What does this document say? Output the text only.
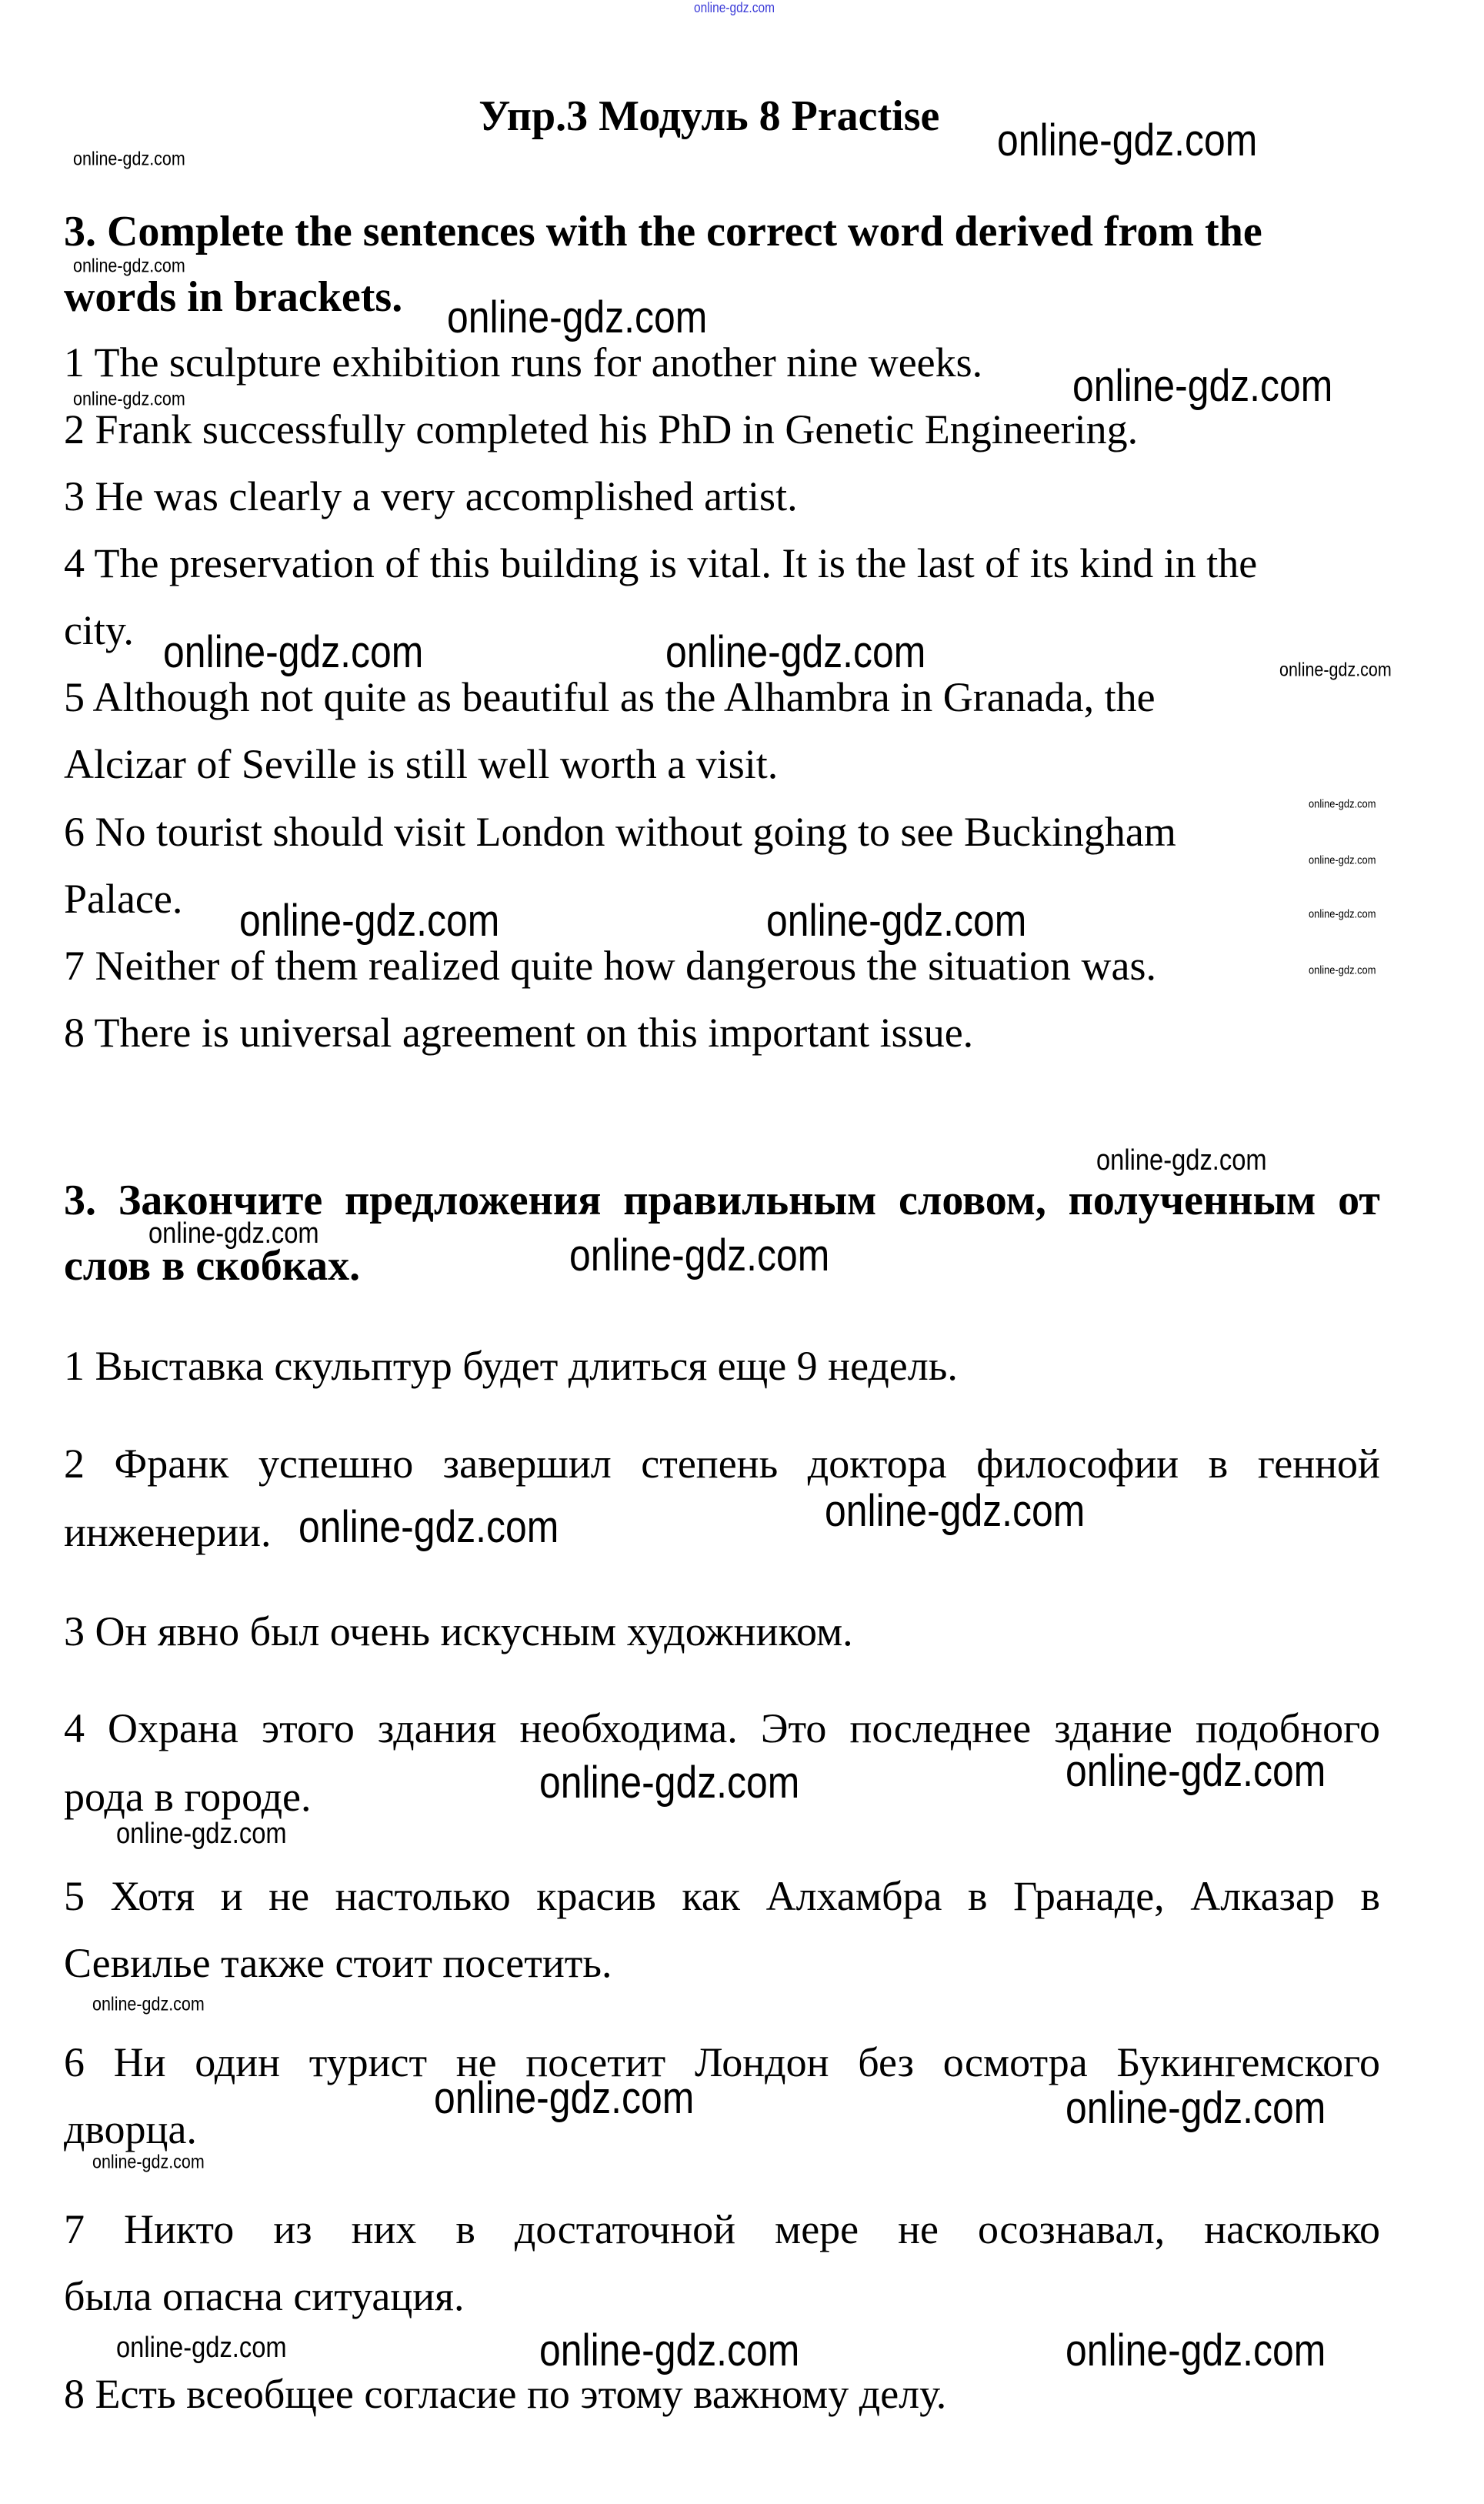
Упр.3 Модуль 8 Practise
3. Complete the sentences with the correct word derived from the
words in brackets.
1 The sculpture exhibition runs for another nine weeks.
2 Frank successfully completed his PhD in Genetic Engineering.
3 He was clearly a very accomplished artist.
4 The preservation of this building is vital. It is the last of its kind in the
city.
5 Although not quite as beautiful as the Alhambra in Granada, the
Alcizar of Seville is still well worth a visit.
6 No tourist should visit London without going to see Buckingham
Palace.
7 Neither of them realized quite how dangerous the situation was.
8 There is universal agreement on this important issue.
3. Закончите предложения правильным словом, полученным от
слов в скобках.
1 Выставка скульптур будет длиться еще 9 недель.
2 Франк успешно завершил степень доктора философии в генной
инженерии.
3 Он явно был очень искусным художником.
4 Охрана этого здания необходима. Это последнее здание подобного
рода в городе.
5 Хотя и не настолько красив как Алхамбра в Гранаде, Алказар в
Севилье также стоит посетить.
6 Ни один турист не посетит Лондон без осмотра Букингемского
дворца.
7 Никто из них в достаточной мере не осознавал, насколько
была опасна ситуация.
8 Есть всеобщее согласие по этому важному делу.
online-gdz.com
online-gdz.com
online-gdz.com
online-gdz.com
online-gdz.com
online-gdz.com
online-gdz.com
online-gdz.com	online-gdz.com	online-gdz.com
online-gdz.com
online-gdz.com
online-gdz.com
online-gdz.com
online-gdz.com	online-gdz.com
online-gdz.com
online-gdz.com	online-gdz.com
online-gdz.com	online-gdz.com
online-gdz.com	online-gdz.com
online-gdz.com
online-gdz.com
online-gdz.com	online-gdz.com
online-gdz.com
online-gdz.com	online-gdz.com	online-gdz.com
